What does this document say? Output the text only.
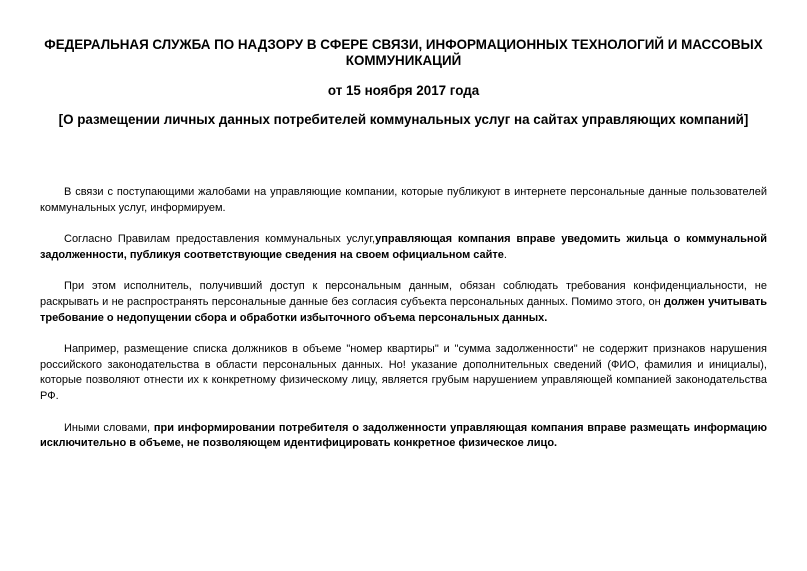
ФЕДЕРАЛЬНАЯ СЛУЖБА ПО НАДЗОРУ В СФЕРЕ СВЯЗИ, ИНФОРМАЦИОННЫХ ТЕХНОЛОГИЙ И МАССОВЫХ КОММУНИКАЦИЙ
от 15 ноября 2017 года
[О размещении личных данных потребителей коммунальных услуг на сайтах управляющих компаний]

В связи с поступающими жалобами на управляющие компании, которые публикуют в интернете персональные данные пользователей коммунальных услуг, информируем.

Согласно Правилам предоставления коммунальных услуг,управляющая компания вправе уведомить жильца о коммунальной задолженности, публикуя соответствующие сведения на своем официальном сайте.

При этом исполнитель, получивший доступ к персональным данным, обязан соблюдать требования конфиденциальности, не раскрывать и не распространять персональные данные без согласия субъекта персональных данных. Помимо этого, он должен учитывать требование о недопущении сбора и обработки избыточного объема персональных данных.

Например, размещение списка должников в объеме "номер квартиры" и "сумма задолженности" не содержит признаков нарушения российского законодательства в области персональных данных. Но! указание дополнительных сведений (ФИО, фамилия и инициалы), которые позволяют отнести их к конкретному физическому лицу, является грубым нарушением управляющей компанией законодательства РФ.

Иными словами, при информировании потребителя о задолженности управляющая компания вправе размещать информацию исключительно в объеме, не позволяющем идентифицировать конкретное физическое лицо.
